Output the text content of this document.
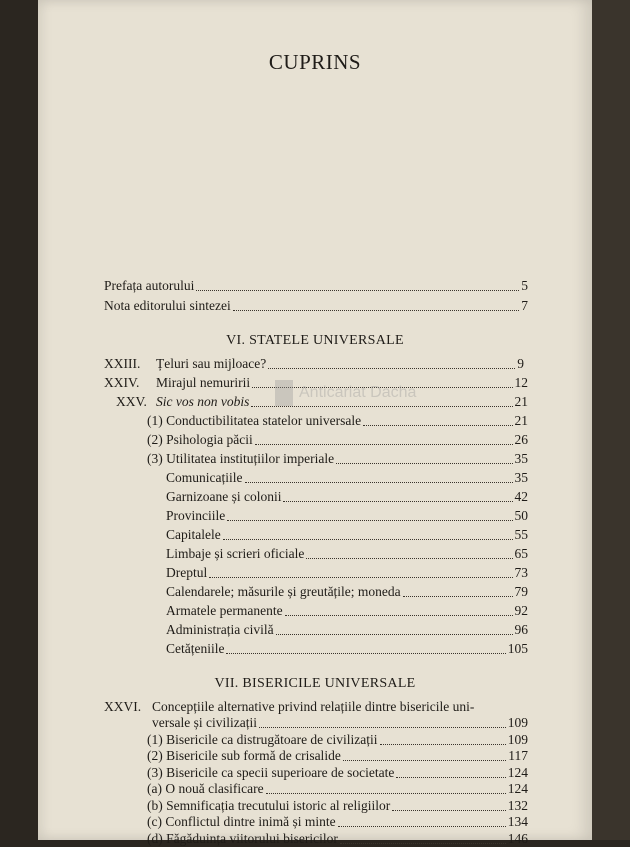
CUPRINS
Prefața autorului	5
Nota editorului sintezei	7
VI. STATELE UNIVERSALE
XXIII.	Țeluri sau mijloace?	9
XXIV.	Mirajul nemuririi	12
XXV. Sic vos non vobis	21
(1) Conductibilitatea statelor universale	21
(2) Psihologia păcii	26
(3) Utilitatea instituțiilor imperiale	35
Comunicațiile	35
Garnizoane și colonii	42
Provinciile	50
Capitalele	55
Limbaje și scrieri oficiale	65
Dreptul	73
Calendarele; măsurile și greutățile; moneda	79
Armatele permanente	92
Administrația civilă	96
Cetățeniile	105
VII. BISERICILE UNIVERSALE
XXVI. Concepțiile alternative privind relațiile dintre bisericile uni-
versale și civilizații	109
(1) Bisericile ca distrugătoare de civilizații	109
(2) Bisericile sub formă de crisalide	117
(3) Bisericile ca specii superioare de societate	124
(a) O nouă clasificare	124
(b) Semnificația trecutului istoric al religiilor	132
(c) Conflictul dintre inimă și minte	134
(d) Făgăduința viitorului bisericilor	146
Anticariat Dacha
